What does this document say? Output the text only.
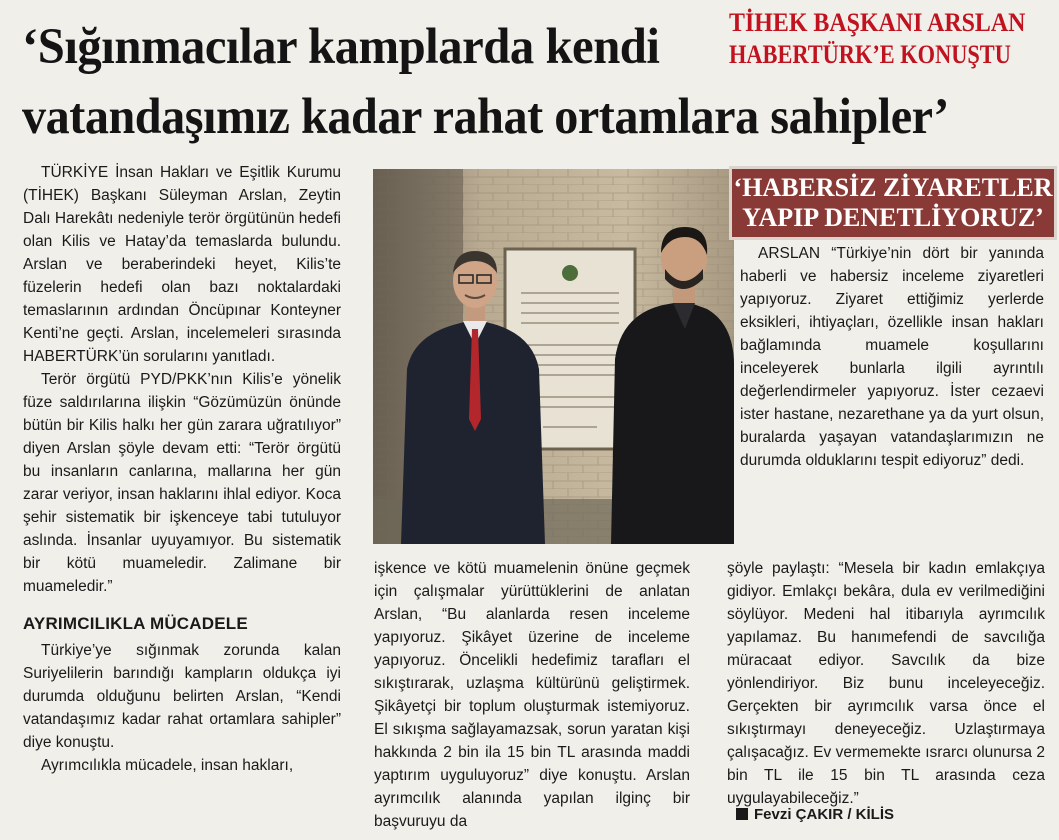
‘Sığınmacılar kamplarda kendi
vatandaşımız kadar rahat ortamlara sahipler’
TİHEK BAŞKANI ARSLAN
HABERTÜRK’E KONUŞTU

TÜRKİYE İnsan Hakları ve Eşitlik Kurumu (TİHEK) Başkanı Süleyman Arslan, Zeytin Dalı Harekâtı nedeniyle terör örgütünün hedefi olan Kilis ve Hatay’da temaslarda bulundu. Arslan ve beraberindeki heyet, Kilis’te füzelerin hedefi olan bazı noktalardaki temaslarının ardından Öncüpınar Konteyner Kenti’ne geçti. Arslan, incelemeleri sırasında HABERTÜRK’ün sorularını yanıtladı.

Terör örgütü PYD/PKK’nın Kilis’e yönelik füze saldırılarına ilişkin “Gözümüzün önünde bütün bir Kilis halkı her gün zarara uğratılıyor” diyen Arslan şöyle devam etti: “Terör örgütü bu insanların canlarına, mallarına her gün zarar veriyor, insan haklarını ihlal ediyor. Koca şehir sistematik bir işkenceye tabi tutuluyor aslında. İnsanlar uyuyamıyor. Bu sistematik bir kötü muameledir. Zalimane bir muameledir.”

AYRIMCILIKLA MÜCADELE

Türkiye’ye sığınmak zorunda kalan Suriyelilerin barındığı kampların oldukça iyi durumda olduğunu belirten Arslan, “Kendi vatandaşımız kadar rahat ortamlara sahipler” diye konuştu.

Ayrımcılıkla mücadele, insan hakları,

‘HABERSİZ ZİYARETLER
YAPIP DENETLİYORUZ’

ARSLAN “Türkiye’nin dört bir yanında haberli ve habersiz inceleme ziyaretleri yapıyoruz. Ziyaret ettiğimiz yerlerde eksikleri, ihtiyaçları, özellikle insan hakları bağlamında muamele koşullarını inceleyerek bunlarla ilgili ayrıntılı değerlendirmeler yapıyoruz. İster cezaevi ister hastane, nezarethane ya da yurt olsun, buralarda yaşayan vatandaşlarımızın ne durumda olduklarını tespit ediyoruz” dedi.

işkence ve kötü muamelenin önüne geçmek için çalışmalar yürüttüklerini de anlatan Arslan, “Bu alanlarda resen inceleme yapıyoruz. Şikâyet üzerine de inceleme yapıyoruz. Öncelikli hedefimiz tarafları el sıkıştırarak, uzlaşma kültürünü geliştirmek. Şikâyetçi bir toplum oluşturmak istemiyoruz. El sıkışma sağlayamazsak, sorun yaratan kişi hakkında 2 bin ila 15 bin TL arasında maddi yaptırım uyguluyoruz” diye konuştu. Arslan ayrımcılık alanında yapılan ilginç bir başvuruyu da

şöyle paylaştı: “Mesela bir kadın emlakçıya gidiyor. Emlakçı bekâra, dula ev verilmediğini söylüyor. Medeni hal itibarıyla ayrımcılık yapılamaz. Bu hanımefendi de savcılığa müracaat ediyor. Savcılık da bize yönlendiriyor. Biz bunu inceleyeceğiz. Gerçekten bir ayrımcılık varsa önce el sıkıştırmayı deneyeceğiz. Uzlaştırmaya çalışacağız. Ev vermemekte ısrarcı olunursa 2 bin TL ile 15 bin TL arasında ceza uygulayabileceğiz.”

Fevzi ÇAKIR / KİLİS
